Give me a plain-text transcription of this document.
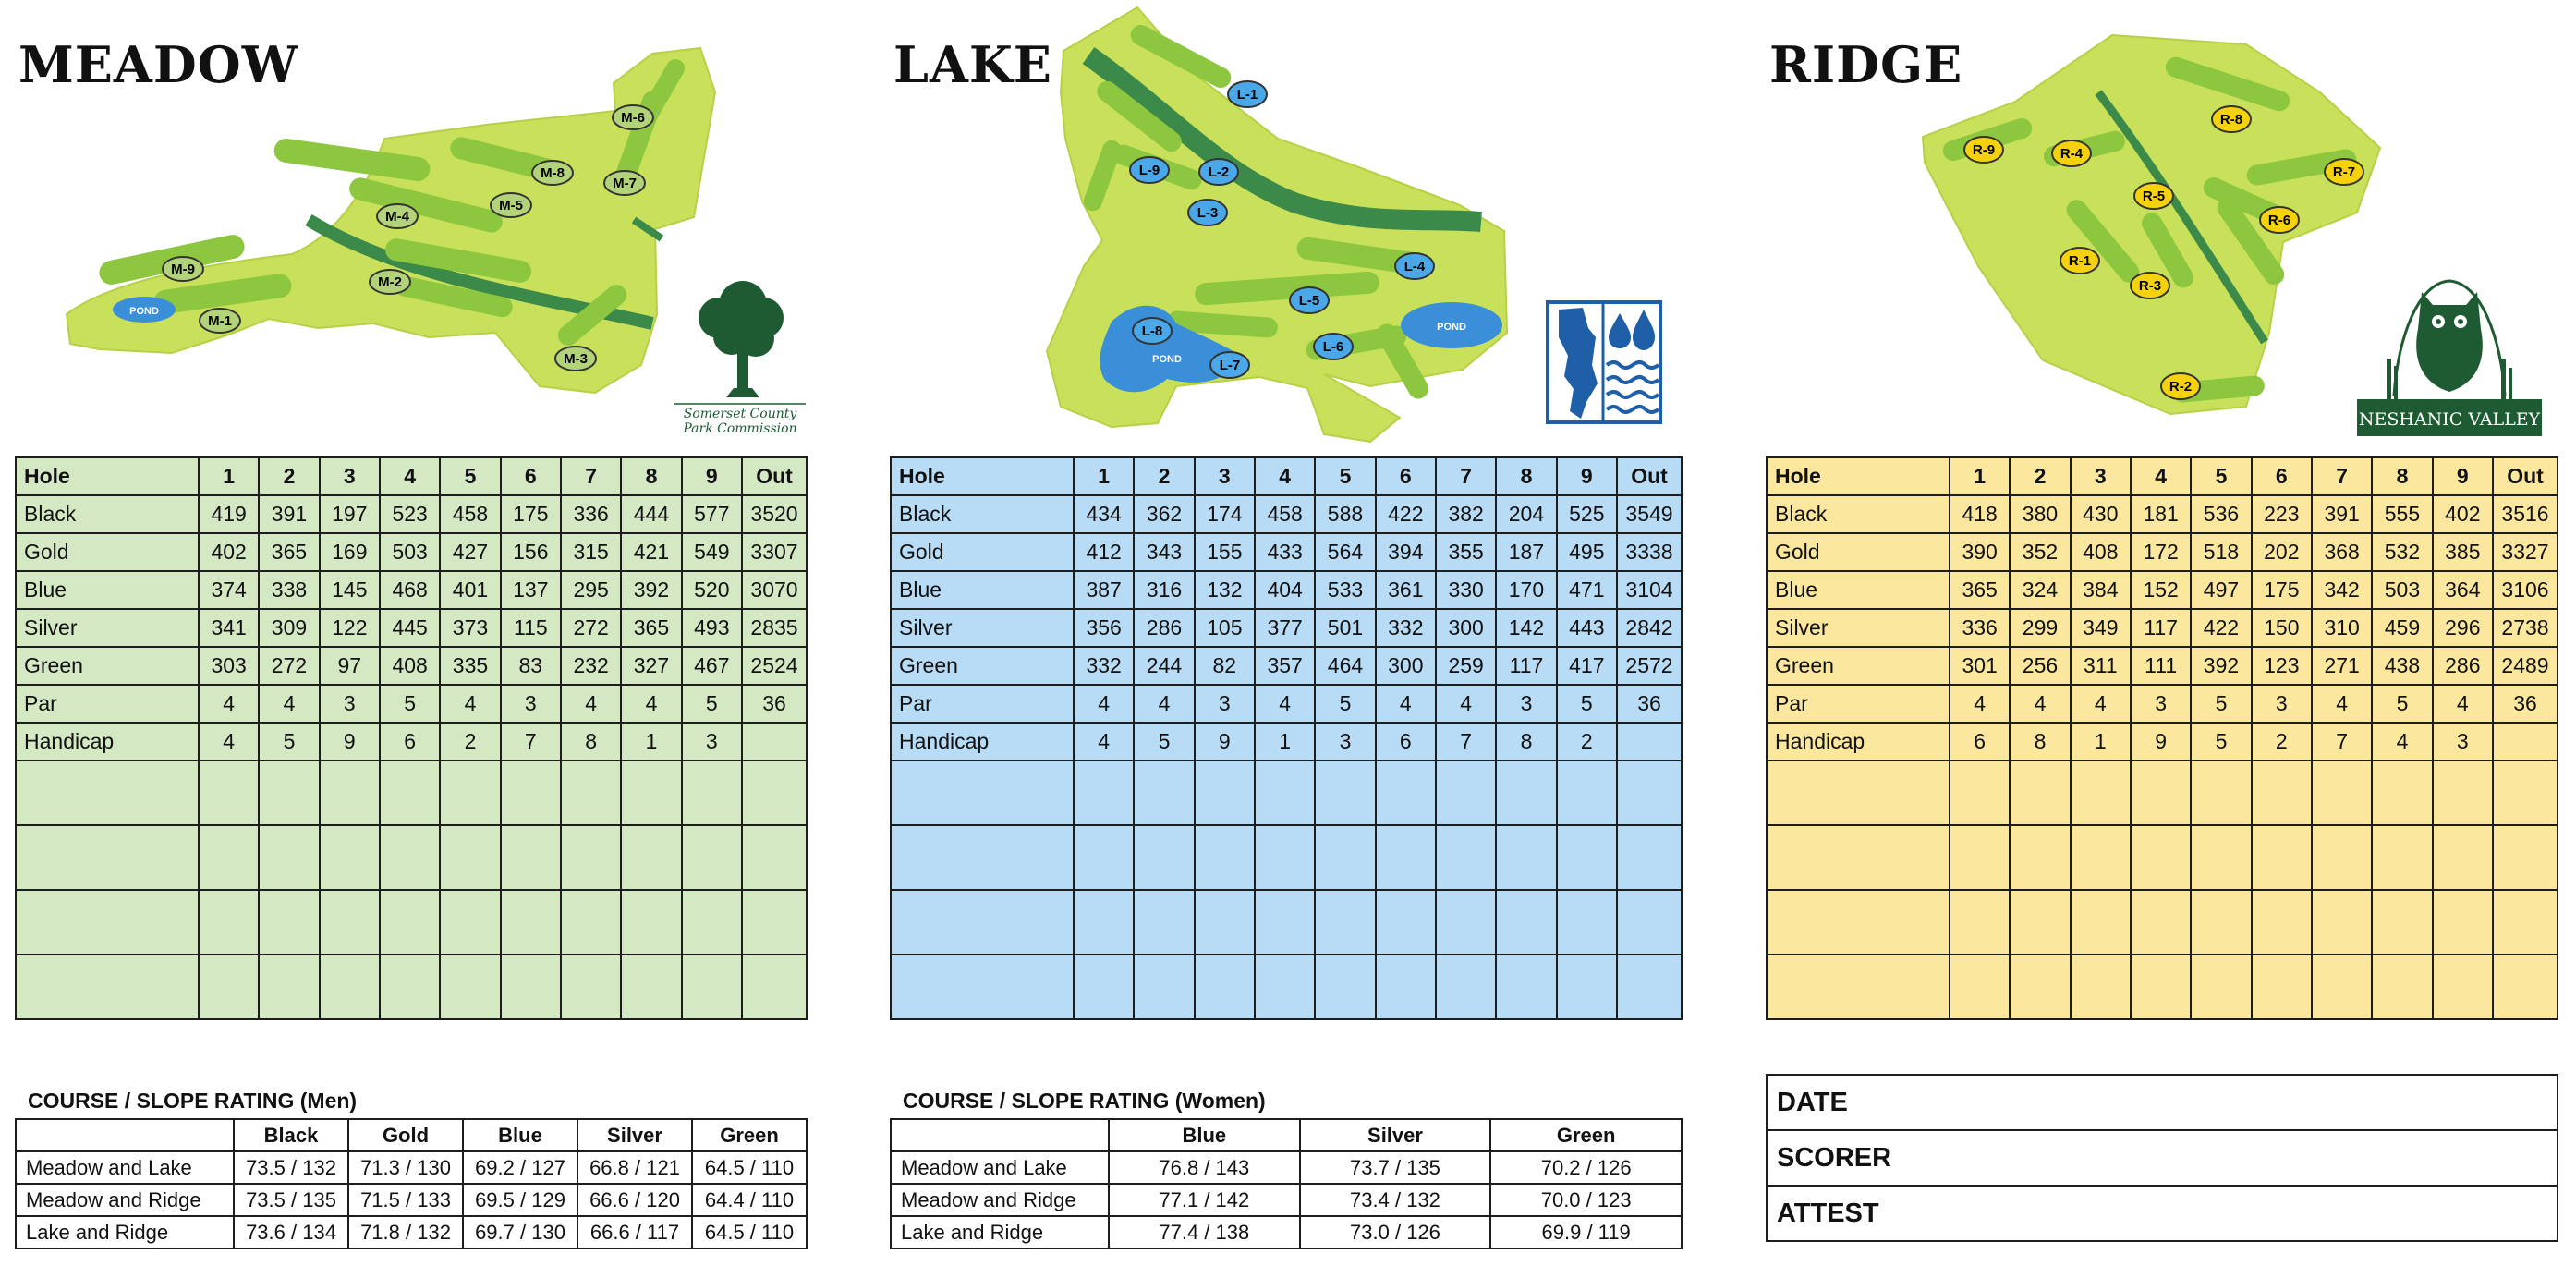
POND
M-1
M-2
M-3
M-4
M-5
M-6
M-7
M-8
M-9
MEADOW
Somerset County
Park Commission
Hole	1	2	3	4	5	6	7	8	9	Out
Black	419	391	197	523	458	175	336	444	577	3520
Gold	402	365	169	503	427	156	315	421	549	3307
Blue	374	338	145	468	401	137	295	392	520	3070
Silver	341	309	122	445	373	115	272	365	493	2835
Green	303	272	97	408	335	83	232	327	467	2524
Par	4	4	3	5	4	3	4	4	5	36
Handicap	4	5	9	6	2	7	8	1	3	

COURSE / SLOPE RATING (Men)

	Black	Gold	Blue	Silver	Green
Meadow and Lake	73.5 / 132	71.3 / 130	69.2 / 127	66.8 / 121	64.5 / 110
Meadow and Ridge	73.5 / 135	71.5 / 133	69.5 / 129	66.6 / 120	64.4 / 110
Lake and Ridge	73.6 / 134	71.8 / 132	69.7 / 130	66.6 / 117	64.5 / 110
POND
POND
L-1
L-2
L-3
L-4
L-5
L-6
L-7
L-8
L-9
LAKE
Hole	1	2	3	4	5	6	7	8	9	Out
Black	434	362	174	458	588	422	382	204	525	3549
Gold	412	343	155	433	564	394	355	187	495	3338
Blue	387	316	132	404	533	361	330	170	471	3104
Silver	356	286	105	377	501	332	300	142	443	2842
Green	332	244	82	357	464	300	259	117	417	2572
Par	4	4	3	4	5	4	4	3	5	36
Handicap	4	5	9	1	3	6	7	8	2	

COURSE / SLOPE RATING (Women)

	Blue	Silver	Green
Meadow and Lake	76.8 / 143	73.7 / 135	70.2 / 126
Meadow and Ridge	77.1 / 142	73.4 / 132	70.0 / 123
Lake and Ridge	77.4 / 138	73.0 / 126	69.9 / 119
R-1
R-2
R-3
R-4
R-5
R-6
R-7
R-8
R-9
RIDGE
NESHANIC VALLEY
Hole	1	2	3	4	5	6	7	8	9	Out
Black	418	380	430	181	536	223	391	555	402	3516
Gold	390	352	408	172	518	202	368	532	385	3327
Blue	365	324	384	152	497	175	342	503	364	3106
Silver	336	299	349	117	422	150	310	459	296	2738
Green	301	256	311	111	392	123	271	438	286	2489
Par	4	4	4	3	5	3	4	5	4	36
Handicap	6	8	1	9	5	2	7	4	3	

DATE
SCORER
ATTEST
